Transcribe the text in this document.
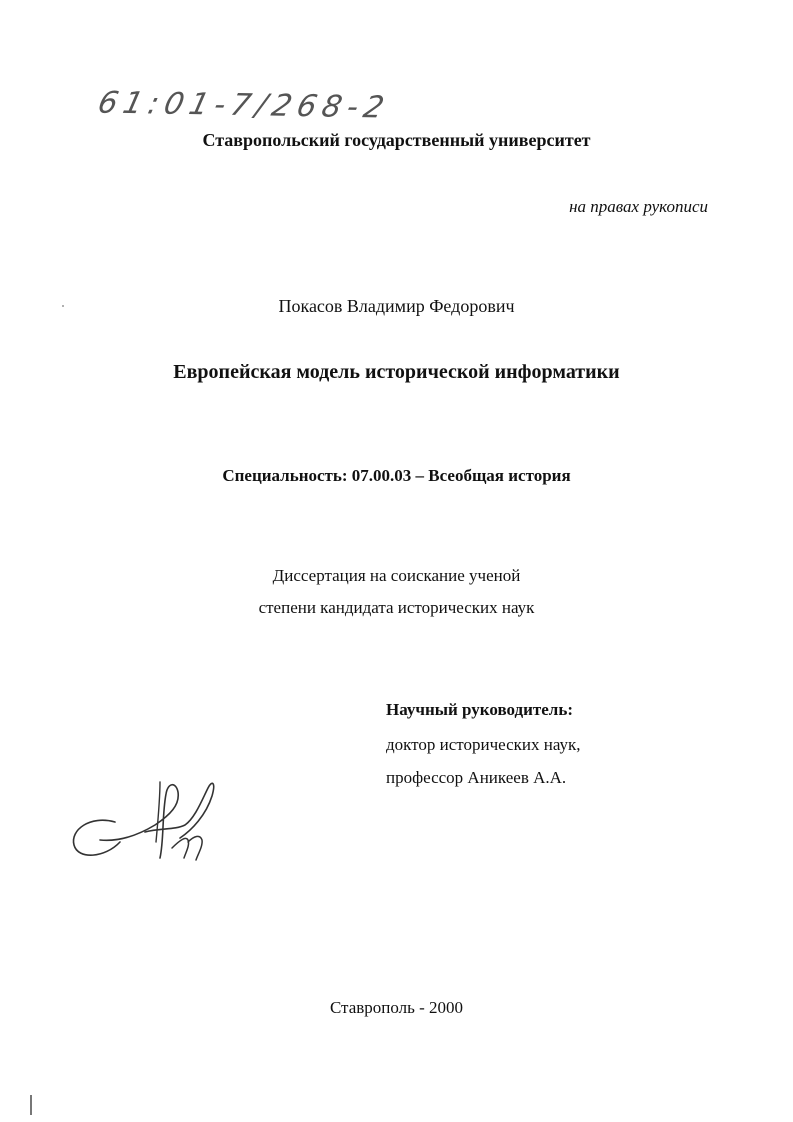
61:01-7/268-2
Ставропольский государственный университет
на правах рукописи
Покасов Владимир Федорович
Европейская модель исторической информатики
Специальность: 07.00.03 – Всеобщая история
Диссертация на соискание ученой
степени кандидата исторических наук
Научный руководитель:
доктор исторических наук,
профессор Аникеев А.А.
Ставрополь - 2000
